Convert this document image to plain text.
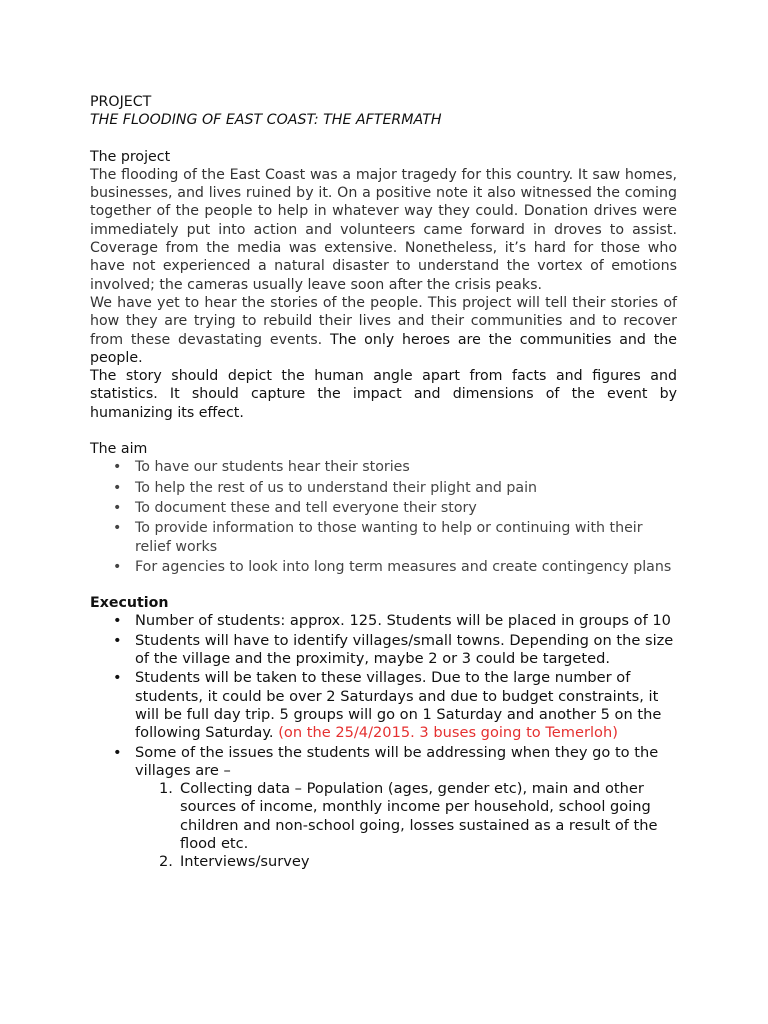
PROJECT
THE FLOODING OF EAST COAST: THE AFTERMATH
The project

The flooding of the East Coast was a major tragedy for this country. It saw homes, businesses, and lives ruined by it. On a positive note it also witnessed the coming together of the people to help in whatever way they could. Donation drives were immediately put into action and volunteers came forward in droves to assist. Coverage from the media was extensive. Nonetheless, it’s hard for those who have not experienced a natural disaster to understand the vortex of emotions involved; the cameras usually leave soon after the crisis peaks.

We have yet to hear the stories of the people. This project will tell their stories of how they are trying to rebuild their lives and their communities and to recover from these devastating events. The only heroes are the communities and the people.

The story should depict the human angle apart from facts and figures and statistics. It should capture the impact and dimensions of the event by humanizing its effect.

The aim
• To have our students hear their stories
• To help the rest of us to understand their plight and pain
• To document these and tell everyone their story
• To provide information to those wanting to help or continuing with their relief works
• For agencies to look into long term measures and create contingency plans
Execution
• Number of students: approx. 125. Students will be placed in groups of 10
• Students will have to identify villages/small towns. Depending on the size of the village and the proximity, maybe 2 or 3 could be targeted.
• Students will be taken to these villages. Due to the large number of students, it could be over 2 Saturdays and due to budget constraints, it will be full day trip. 5 groups will go on 1 Saturday and another 5 on the following Saturday. (on the 25/4/2015. 3 buses going to Temerloh)
• Some of the issues the students will be addressing when they go to the villages are –
1. Collecting data – Population (ages, gender etc), main and other sources of income, monthly income per household, school going children and non-school going, losses sustained as a result of the flood etc.
2. Interviews/survey
